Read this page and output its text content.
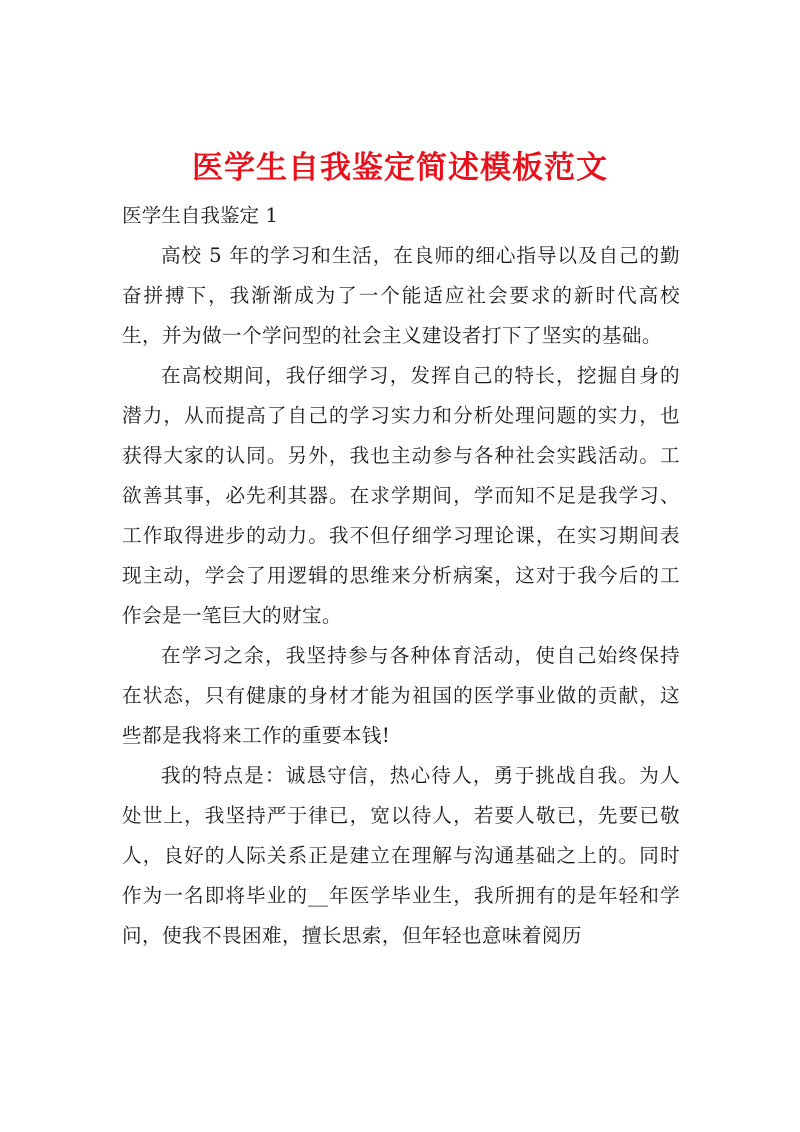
医学生自我鉴定简述模板范文
医学生自我鉴定 1

高校 5 年的学习和生活，在良师的细心指导以及自己的勤奋拼搏下，我渐渐成为了一个能适应社会要求的新时代高校生，并为做一个学问型的社会主义建设者打下了坚实的基础。

在高校期间，我仔细学习，发挥自己的特长，挖掘自身的潜力，从而提高了自己的学习实力和分析处理问题的实力，也获得大家的认同。另外，我也主动参与各种社会实践活动。工欲善其事，必先利其器。在求学期间，学而知不足是我学习、工作取得进步的动力。我不但仔细学习理论课，在实习期间表现主动，学会了用逻辑的思维来分析病案，这对于我今后的工作会是一笔巨大的财宝。

在学习之余，我坚持参与各种体育活动，使自己始终保持在状态，只有健康的身材才能为祖国的医学事业做的贡献，这些都是我将来工作的重要本钱!

我的特点是：诚恳守信，热心待人，勇于挑战自我。为人处世上，我坚持严于律已，宽以待人，若要人敬已，先要已敬人，良好的人际关系正是建立在理解与沟通基础之上的。同时作为一名即将毕业的__年医学毕业生，我所拥有的是年轻和学问，使我不畏困难，擅长思索，但年轻也意味着阅历
